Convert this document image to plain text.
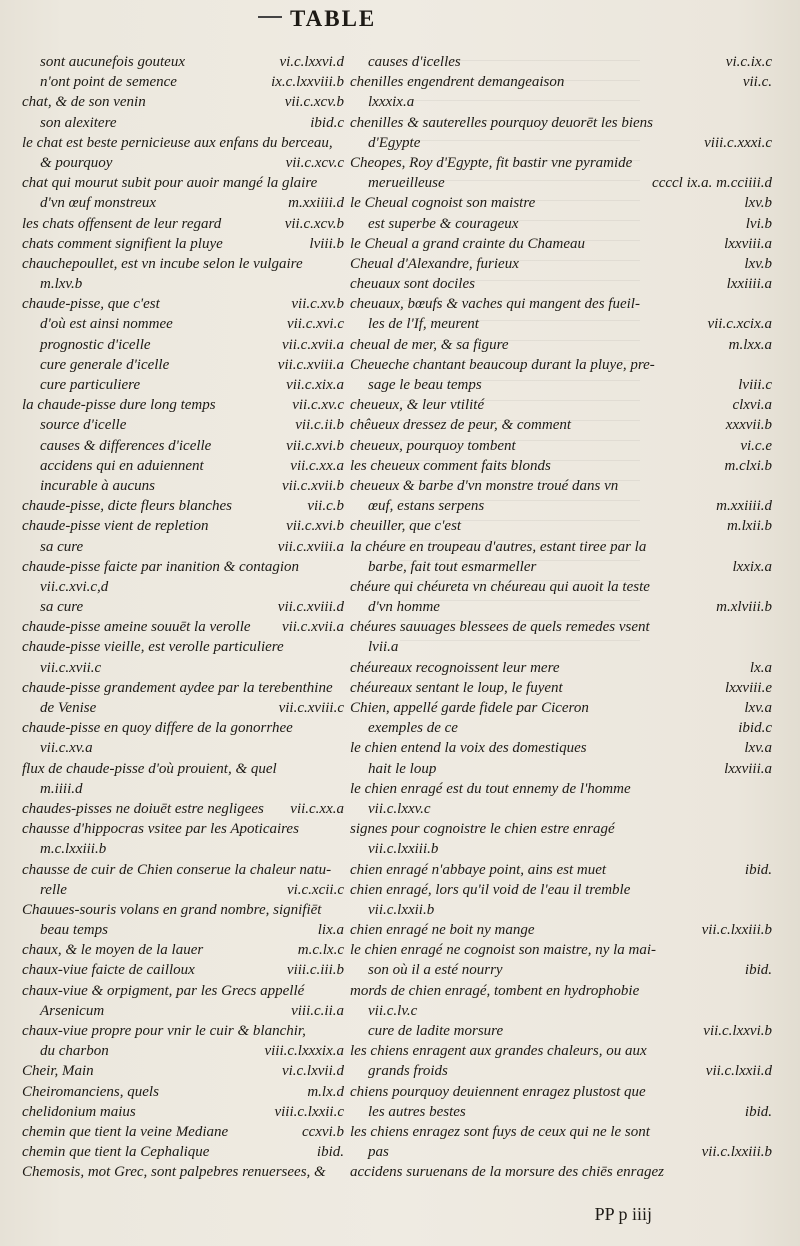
TABLE
sont aucunefois gouteux	vi.c.lxxvi.d
n'ont point de semence	ix.c.lxxviii.b
chat, & de son venin	vii.c.xcv.b
son alexitere	ibid.c
le chat est beste pernicieuse aux enfans du berceau,
& pourquoy	vii.c.xcv.c
chat qui mourut subit pour auoir mangé la glaire
d'vn œuf monstreux	m.xxiiii.d
les chats offensent de leur regard	vii.c.xcv.b
chats comment signifient la pluye	lviii.b
chauchepoullet, est vn incube selon le vulgaire
m.lxv.b
chaude-pisse, que c'est	vii.c.xv.b
d'où est ainsi nommee	vii.c.xvi.c
prognostic d'icelle	vii.c.xvii.a
cure generale d'icelle	vii.c.xviii.a
cure particuliere	vii.c.xix.a
la chaude-pisse dure long temps	vii.c.xv.c
source d'icelle	vii.c.ii.b
causes & differences d'icelle	vii.c.xvi.b
accidens qui en aduiennent	vii.c.xx.a
incurable à aucuns	vii.c.xvii.b
chaude-pisse, dicte fleurs blanches	vii.c.b
chaude-pisse vient de repletion	vii.c.xvi.b
sa cure	vii.c.xviii.a
chaude-pisse faicte par inanition & contagion
vii.c.xvi.c,d
sa cure	vii.c.xviii.d
chaude-pisse ameine souuēt la verolle vii.c.xvii.a
chaude-pisse vieille, est verolle particuliere
vii.c.xvii.c
chaude-pisse grandement aydee par la terebenthine
de Venise	vii.c.xviii.c
chaude-pisse en quoy differe de la gonorrhee
vii.c.xv.a
flux de chaude-pisse d'où prouient, & quel
m.iiii.d
chaudes-pisses ne doiuēt estre negligees vii.c.xx.a
chausse d'hippocras vsitee par les Apoticaires
m.c.lxxiii.b
chausse de cuir de Chien conserue la chaleur natu-
relle	vi.c.xcii.c
Chauues-souris volans en grand nombre, signifiēt
beau temps	lix.a
chaux, & le moyen de la lauer	m.c.lx.c
chaux-viue faicte de cailloux	viii.c.iii.b
chaux-viue & orpigment, par les Grecs appellé
Arsenicum	viii.c.ii.a
chaux-viue propre pour vnir le cuir & blanchir,
du charbon	viii.c.lxxxix.a
Cheir, Main	vi.c.lxvii.d
Cheiromanciens, quels	m.lx.d
chelidonium maius	viii.c.lxxii.c
chemin que tient la veine Mediane	ccxvi.b
chemin que tient la Cephalique	ibid.
Chemosis, mot Grec, sont palpebres renuersees, &
causes d'icelles	vi.c.ix.c
chenilles engendrent demangeaison	vii.c.
lxxxix.a
chenilles & sauterelles pourquoy deuorēt les biens
d'Egypte	viii.c.xxxi.c
Cheopes, Roy d'Egypte, fit bastir vne pyramide
merueilleuse	ccccl ix.a. m.cciiii.d
le Cheual cognoist son maistre	lxv.b
est superbe & courageux	lvi.b
le Cheual a grand crainte du Chameau	lxxviii.a
Cheual d'Alexandre, furieux	lxv.b
cheuaux sont dociles	lxxiiii.a
cheuaux, bœufs & vaches qui mangent des fueil-
les de l'If, meurent	vii.c.xcix.a
cheual de mer, & sa figure	m.lxx.a
Cheueche chantant beaucoup durant la pluye, pre-
sage le beau temps	lviii.c
cheueux, & leur vtilité	clxvi.a
chêueux dressez de peur, & comment	xxxvii.b
cheueux, pourquoy tombent	vi.c.e
les cheueux comment faits blonds	m.clxi.b
cheueux & barbe d'vn monstre troué dans vn
œuf, estans serpens	m.xxiiii.d
cheuiller, que c'est	m.lxii.b
la chéure en troupeau d'autres, estant tiree par la
barbe, fait tout esmarmeller	lxxix.a
chéure qui chéureta vn chéureau qui auoit la teste
d'vn homme	m.xlviii.b
chéures sauuages blessees de quels remedes vsent
lvii.a
chéureaux recognoissent leur mere	lx.a
chéureaux sentant le loup, le fuyent	lxxviii.e
Chien, appellé garde fidele par Ciceron	lxv.a
exemples de ce	ibid.c
le chien entend la voix des domestiques	lxv.a
hait le loup	lxxviii.a
le chien enragé est du tout ennemy de l'homme
vii.c.lxxv.c
signes pour cognoistre le chien estre enragé
vii.c.lxxiii.b
chien enragé n'abbaye point, ains est muet	ibid.
chien enragé, lors qu'il void de l'eau il tremble
vii.c.lxxii.b
chien enragé ne boit ny mange	vii.c.lxxiii.b
le chien enragé ne cognoist son maistre, ny la mai-
son où il a esté nourry	ibid.
mords de chien enragé, tombent en hydrophobie
vii.c.lv.c
cure de ladite morsure	vii.c.lxxvi.b
les chiens enragent aux grandes chaleurs, ou aux
grands froids	vii.c.lxxii.d
chiens pourquoy deuiennent enragez plustost que
les autres bestes	ibid.
les chiens enragez sont fuys de ceux qui ne le sont
pas	vii.c.lxxiii.b
accidens suruenans de la morsure des chiēs enragez
PP p iiij
